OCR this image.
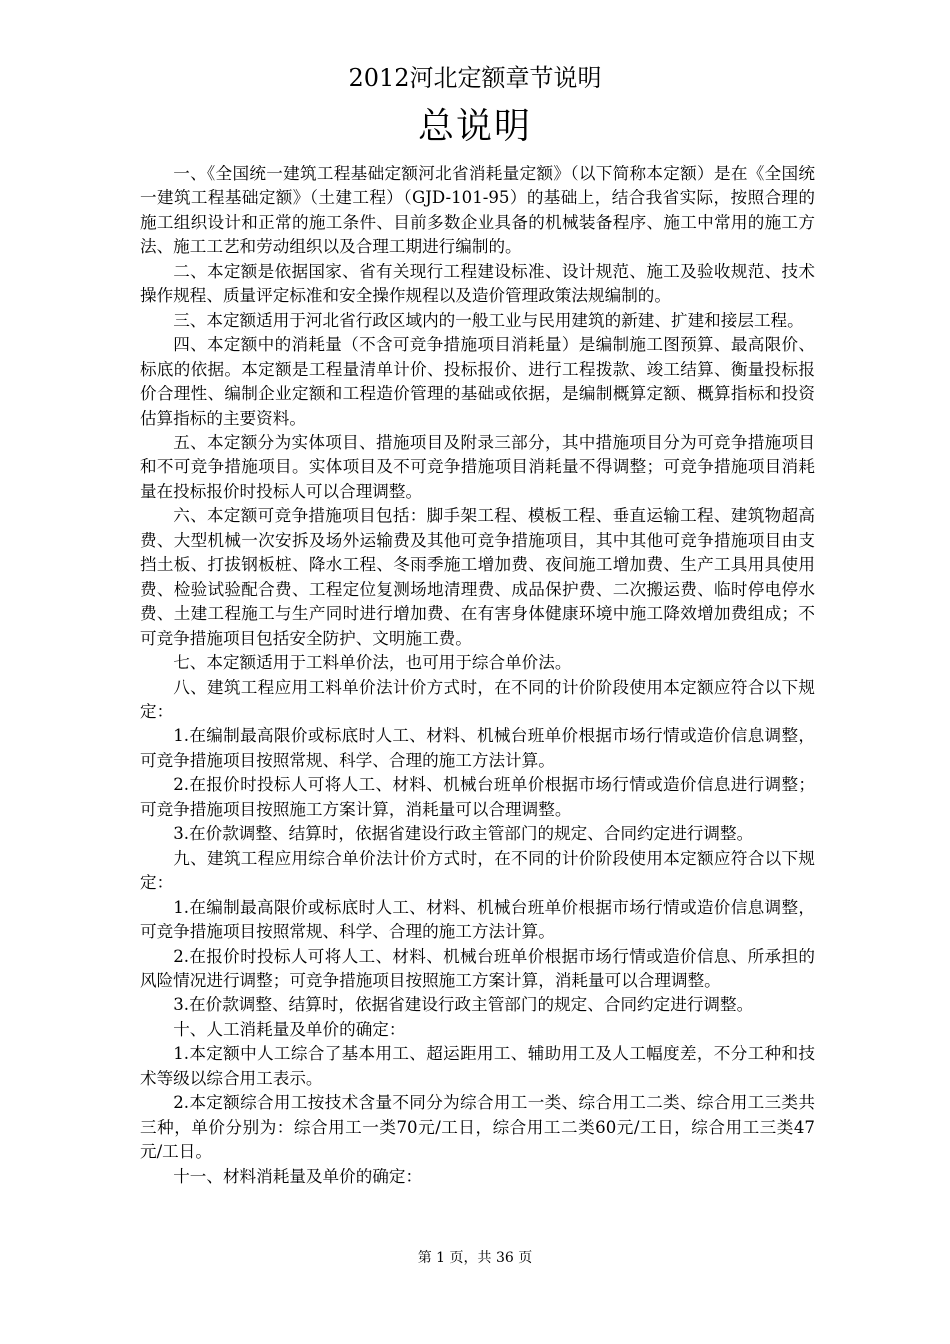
2012河北定额章节说明
总说明

一、《全国统一建筑工程基础定额河北省消耗量定额》（以下简称本定额）是在《全国统一建筑工程基础定额》（土建工程）（GJD-101-95）的基础上，结合我省实际，按照合理的施工组织设计和正常的施工条件、目前多数企业具备的机械装备程序、施工中常用的施工方法、施工工艺和劳动组织以及合理工期进行编制的。

二、本定额是依据国家、省有关现行工程建设标准、设计规范、施工及验收规范、技术操作规程、质量评定标准和安全操作规程以及造价管理政策法规编制的。

三、本定额适用于河北省行政区域内的一般工业与民用建筑的新建、扩建和接层工程。

四、本定额中的消耗量（不含可竞争措施项目消耗量）是编制施工图预算、最高限价、标底的依据。本定额是工程量清单计价、投标报价、进行工程拨款、竣工结算、衡量投标报价合理性、编制企业定额和工程造价管理的基础或依据，是编制概算定额、概算指标和投资估算指标的主要资料。

五、本定额分为实体项目、措施项目及附录三部分，其中措施项目分为可竞争措施项目和不可竞争措施项目。实体项目及不可竞争措施项目消耗量不得调整；可竞争措施项目消耗量在投标报价时投标人可以合理调整。

六、本定额可竞争措施项目包括：脚手架工程、模板工程、垂直运输工程、建筑物超高费、大型机械一次安拆及场外运输费及其他可竞争措施项目，其中其他可竞争措施项目由支挡土板、打拔钢板桩、降水工程、冬雨季施工增加费、夜间施工增加费、生产工具用具使用费、检验试验配合费、工程定位复测场地清理费、成品保护费、二次搬运费、临时停电停水费、土建工程施工与生产同时进行增加费、在有害身体健康环境中施工降效增加费组成；不可竞争措施项目包括安全防护、文明施工费。

七、本定额适用于工料单价法，也可用于综合单价法。

八、建筑工程应用工料单价法计价方式时，在不同的计价阶段使用本定额应符合以下规定：

1.在编制最高限价或标底时人工、材料、机械台班单价根据市场行情或造价信息调整，可竞争措施项目按照常规、科学、合理的施工方法计算。

2.在报价时投标人可将人工、材料、机械台班单价根据市场行情或造价信息进行调整；可竞争措施项目按照施工方案计算，消耗量可以合理调整。

3.在价款调整、结算时，依据省建设行政主管部门的规定、合同约定进行调整。

九、建筑工程应用综合单价法计价方式时，在不同的计价阶段使用本定额应符合以下规定：

1.在编制最高限价或标底时人工、材料、机械台班单价根据市场行情或造价信息调整，可竞争措施项目按照常规、科学、合理的施工方法计算。

2.在报价时投标人可将人工、材料、机械台班单价根据市场行情或造价信息、所承担的风险情况进行调整；可竞争措施项目按照施工方案计算，消耗量可以合理调整。

3.在价款调整、结算时，依据省建设行政主管部门的规定、合同约定进行调整。

十、人工消耗量及单价的确定：

1.本定额中人工综合了基本用工、超运距用工、辅助用工及人工幅度差，不分工种和技术等级以综合用工表示。

2.本定额综合用工按技术含量不同分为综合用工一类、综合用工二类、综合用工三类共三种，单价分别为：综合用工一类70元/工日，综合用工二类60元/工日，综合用工三类47元/工日。

十一、材料消耗量及单价的确定：

第 1 页，共 36 页
